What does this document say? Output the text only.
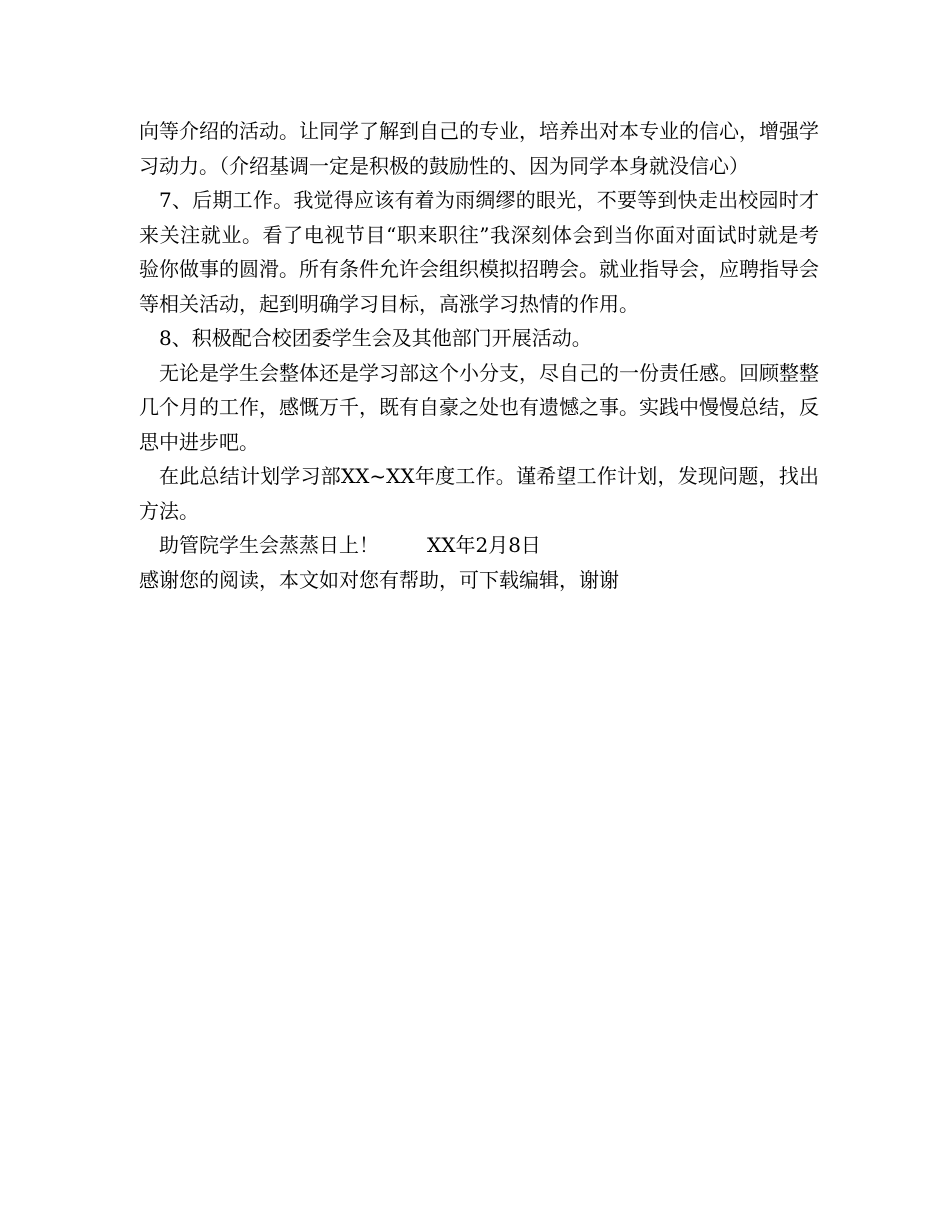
向等介绍的活动。让同学了解到自己的专业，培养出对本专业的信心，增强学习动力。（介绍基调一定是积极的鼓励性的、因为同学本身就没信心）

7、后期工作。我觉得应该有着为雨绸缪的眼光，不要等到快走出校园时才来关注就业。看了电视节目“职来职往”我深刻体会到当你面对面试时就是考验你做事的圆滑。所有条件允许会组织模拟招聘会。就业指导会，应聘指导会等相关活动，起到明确学习目标，高涨学习热情的作用。

8、积极配合校团委学生会及其他部门开展活动。

无论是学生会整体还是学习部这个小分支，尽自己的一份责任感。回顾整整几个月的工作，感慨万千，既有自豪之处也有遗憾之事。实践中慢慢总结，反思中进步吧。

在此总结计划学习部XX~XX年度工作。谨希望工作计划，发现问题，找出方法。

助管院学生会蒸蒸日上！ XX年2月8日

感谢您的阅读，本文如对您有帮助，可下载编辑，谢谢
